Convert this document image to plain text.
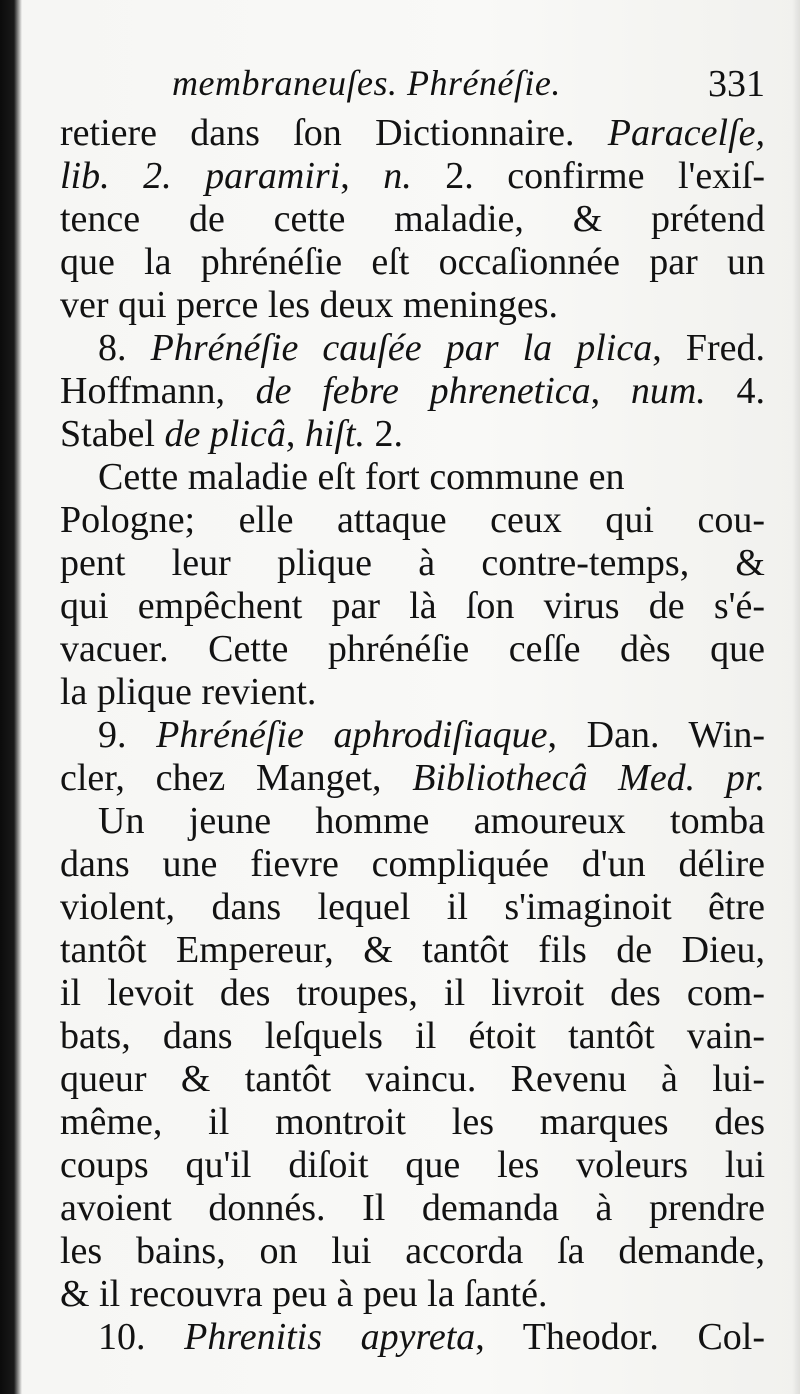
membraneuſes. Phrénéſie.	331
retiere dans ſon Dictionnaire. Paracelſe,
lib. 2. paramiri, n. 2. confirme l'exiſ-
tence de cette maladie, & prétend
que la phrénéſie eſt occaſionnée par un
ver qui perce les deux meninges.
8. Phrénéſie cauſée par la plica, Fred.
Hoffmann, de febre phrenetica, num. 4.
Stabel de plicâ, hiſt. 2.
Cette maladie eſt fort commune en
Pologne; elle attaque ceux qui cou-
pent leur plique à contre-temps, &
qui empêchent par là ſon virus de s'é-
vacuer. Cette phrénéſie ceſſe dès que
la plique revient.
9. Phrénéſie aphrodiſiaque, Dan. Win-
cler, chez Manget, Bibliothecâ Med. pr.
Un jeune homme amoureux tomba
dans une fievre compliquée d'un délire
violent, dans lequel il s'imaginoit être
tantôt Empereur, & tantôt fils de Dieu,
il levoit des troupes, il livroit des com-
bats, dans leſquels il étoit tantôt vain-
queur & tantôt vaincu. Revenu à lui-
même, il montroit les marques des
coups qu'il diſoit que les voleurs lui
avoient donnés. Il demanda à prendre
les bains, on lui accorda ſa demande,
& il recouvra peu à peu la ſanté.
10. Phrenitis apyreta, Theodor. Col-
